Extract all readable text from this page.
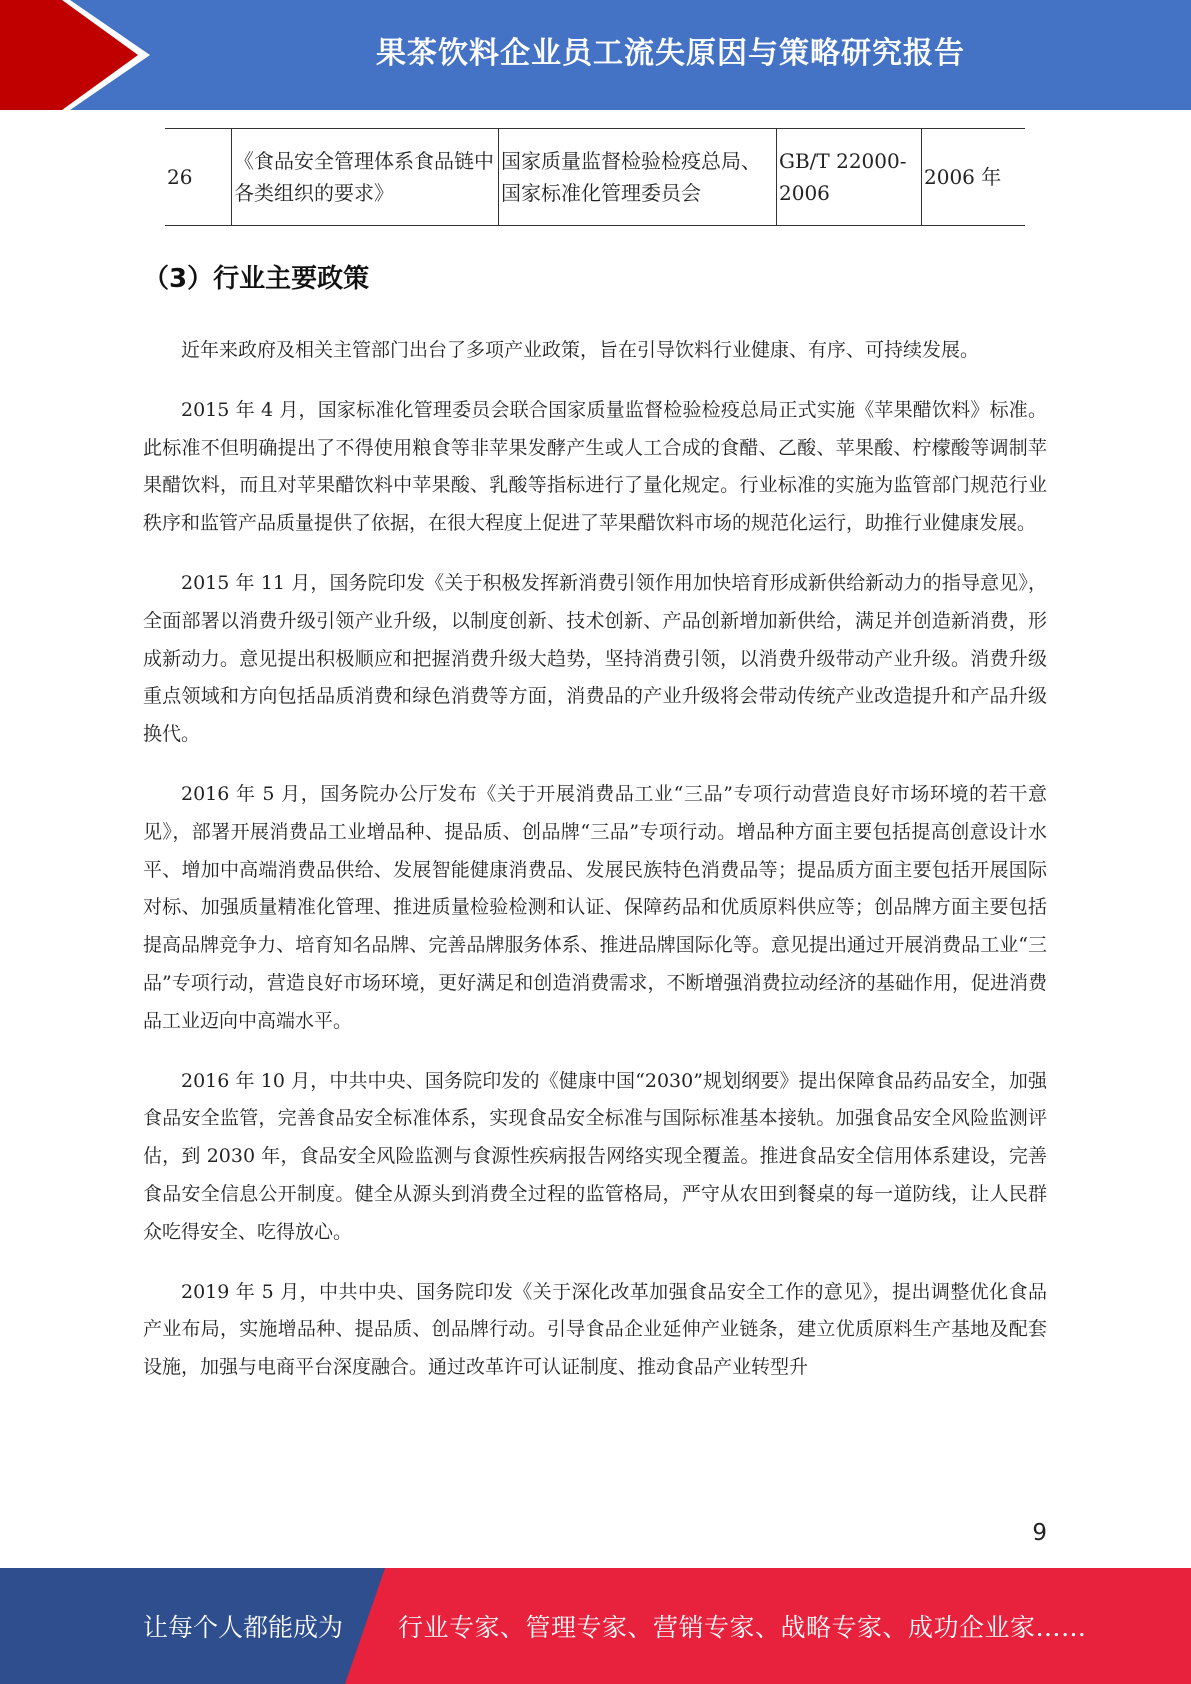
果茶饮料企业员工流失原因与策略研究报告
26	《食品安全管理体系食品链中各类组织的要求》	国家质量监督检验检疫总局、国家标准化管理委员会	GB/T 22000-2006	2006 年
（3）行业主要政策

近年来政府及相关主管部门出台了多项产业政策，旨在引导饮料行业健康、有序、可持续发展。

2015 年 4 月，国家标准化管理委员会联合国家质量监督检验检疫总局正式实施《苹果醋饮料》标准。此标准不但明确提出了不得使用粮食等非苹果发酵产生或人工合成的食醋、乙酸、苹果酸、柠檬酸等调制苹果醋饮料，而且对苹果醋饮料中苹果酸、乳酸等指标进行了量化规定。行业标准的实施为监管部门规范行业秩序和监管产品质量提供了依据，在很大程度上促进了苹果醋饮料市场的规范化运行，助推行业健康发展。

2015 年 11 月，国务院印发《关于积极发挥新消费引领作用加快培育形成新供给新动力的指导意见》，全面部署以消费升级引领产业升级，以制度创新、技术创新、产品创新增加新供给，满足并创造新消费，形成新动力。意见提出积极顺应和把握消费升级大趋势，坚持消费引领，以消费升级带动产业升级。消费升级重点领域和方向包括品质消费和绿色消费等方面，消费品的产业升级将会带动传统产业改造提升和产品升级换代。

2016 年 5 月，国务院办公厅发布《关于开展消费品工业“三品”专项行动营造良好市场环境的若干意见》，部署开展消费品工业增品种、提品质、创品牌“三品”专项行动。增品种方面主要包括提高创意设计水平、增加中高端消费品供给、发展智能健康消费品、发展民族特色消费品等；提品质方面主要包括开展国际对标、加强质量精准化管理、推进质量检验检测和认证、保障药品和优质原料供应等；创品牌方面主要包括提高品牌竞争力、培育知名品牌、完善品牌服务体系、推进品牌国际化等。意见提出通过开展消费品工业“三品”专项行动，营造良好市场环境，更好满足和创造消费需求，不断增强消费拉动经济的基础作用，促进消费品工业迈向中高端水平。

2016 年 10 月，中共中央、国务院印发的《健康中国“2030”规划纲要》提出保障食品药品安全，加强食品安全监管，完善食品安全标准体系，实现食品安全标准与国际标准基本接轨。加强食品安全风险监测评估，到 2030 年，食品安全风险监测与食源性疾病报告网络实现全覆盖。推进食品安全信用体系建设，完善食品安全信息公开制度。健全从源头到消费全过程的监管格局，严守从农田到餐桌的每一道防线，让人民群众吃得安全、吃得放心。

2019 年 5 月，中共中央、国务院印发《关于深化改革加强食品安全工作的意见》，提出调整优化食品产业布局，实施增品种、提品质、创品牌行动。引导食品企业延伸产业链条，建立优质原料生产基地及配套设施，加强与电商平台深度融合。通过改革许可认证制度、推动食品产业转型升

9
让每个人都能成为 行业专家、管理专家、营销专家、战略专家、成功企业家……
